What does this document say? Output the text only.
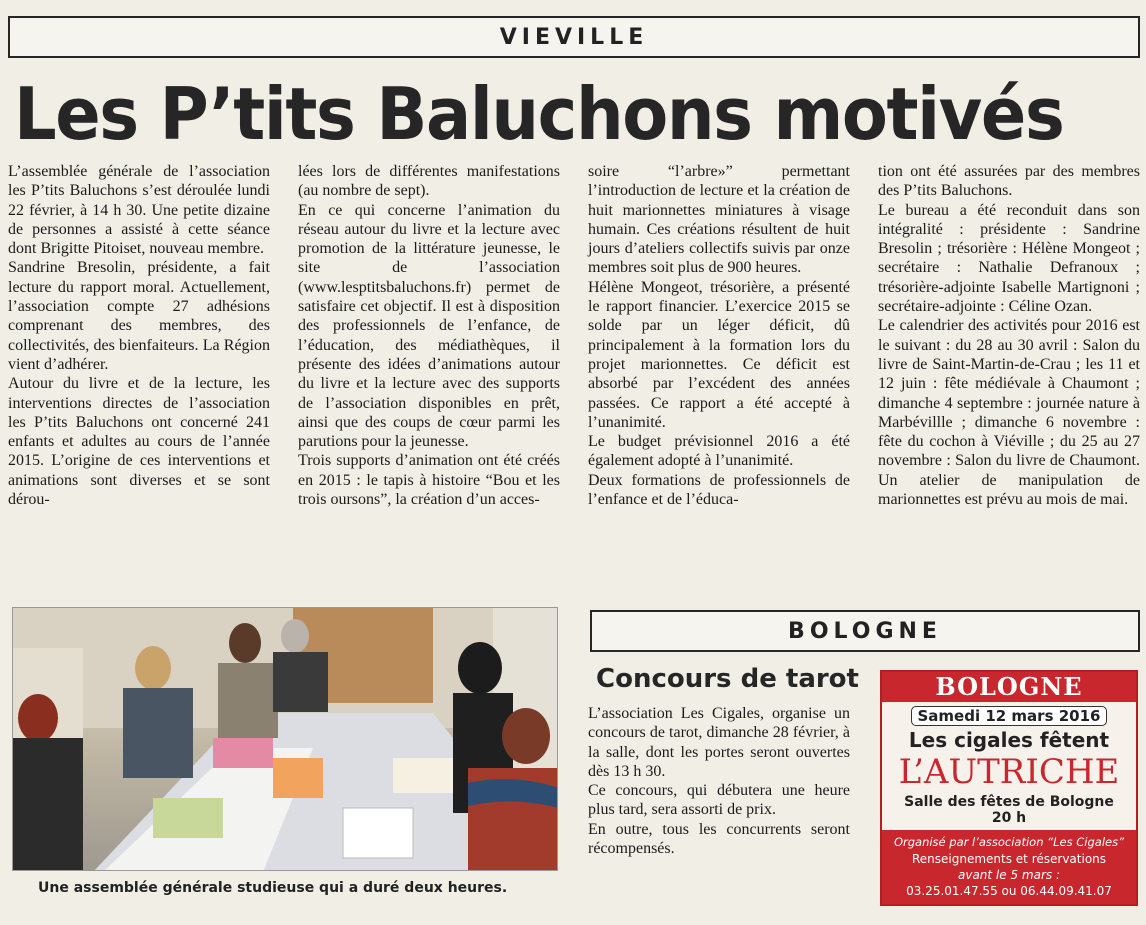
VIEVILLE
Les P’tits Baluchons motivés

L’assemblée générale de l’association les P’tits Baluchons s’est déroulée lundi 22 février, à 14 h 30. Une petite dizaine de personnes a assisté à cette séance dont Brigitte Pitoiset, nouveau membre.

Sandrine Bresolin, présidente, a fait lecture du rapport moral. Actuellement, l’association compte 27 adhésions comprenant des membres, des collectivités, des bienfaiteurs. La Région vient d’adhérer.

Autour du livre et de la lecture, les interventions directes de l’association les P’tits Baluchons ont concerné 241 enfants et adultes au cours de l’année 2015. L’origine de ces interventions et animations sont diverses et se sont dérou-

lées lors de différentes manifestations (au nombre de sept).

En ce qui concerne l’animation du réseau autour du livre et la lecture avec promotion de la littérature jeunesse, le site de l’association (www.lesptitsbaluchons.fr) permet de satisfaire cet objectif. Il est à disposition des professionnels de l’enfance, de l’éducation, des médiathèques, il présente des idées d’animations autour du livre et la lecture avec des supports de l’association disponibles en prêt, ainsi que des coups de cœur parmi les parutions pour la jeunesse.

Trois supports d’animation ont été créés en 2015 : le tapis à histoire “Bou et les trois oursons”, la création d’un acces-

soire “l’arbre»” permettant l’introduction de lecture et la création de huit marionnettes miniatures à visage humain. Ces créations résultent de huit jours d’ateliers collectifs suivis par onze membres soit plus de 900 heures.

Hélène Mongeot, trésorière, a présenté le rapport financier. L’exercice 2015 se solde par un léger déficit, dû principalement à la formation lors du projet marionnettes. Ce déficit est absorbé par l’excédent des années passées. Ce rapport a été accepté à l’unanimité.

Le budget prévisionnel 2016 a été également adopté à l’unanimité.

Deux formations de professionnels de l’enfance et de l’éduca-

tion ont été assurées par des membres des P’tits Baluchons.

Le bureau a été reconduit dans son intégralité : présidente : Sandrine Bresolin ; trésorière : Hélène Mongeot ; secrétaire : Nathalie Defranoux ; trésorière-adjointe Isabelle Martignoni ; secrétaire-adjointe : Céline Ozan.

Le calendrier des activités pour 2016 est le suivant : du 28 au 30 avril : Salon du livre de Saint-Martin-de-Crau ; les 11 et 12 juin : fête médiévale à Chaumont ; dimanche 4 septembre : journée nature à Marbévillle ; dimanche 6 novembre : fête du cochon à Viéville ; du 25 au 27 novembre : Salon du livre de Chaumont. Un atelier de manipulation de marionnettes est prévu au mois de mai.

Une assemblée générale studieuse qui a duré deux heures.
BOLOGNE
Concours de tarot

L’association Les Cigales, organise un concours de tarot, dimanche 28 février, à la salle, dont les portes seront ouvertes dès 13 h 30.

Ce concours, qui débutera une heure plus tard, sera assorti de prix.

En outre, tous les concurrents seront récompensés.

BOLOGNE
Samedi 12 mars 2016
Les cigales fêtent
L’AUTRICHE
Salle des fêtes de Bologne
20 h
Organisé par l’association “Les Cigales”
Renseignements et réservations
avant le 5 mars :
03.25.01.47.55 ou 06.44.09.41.07
